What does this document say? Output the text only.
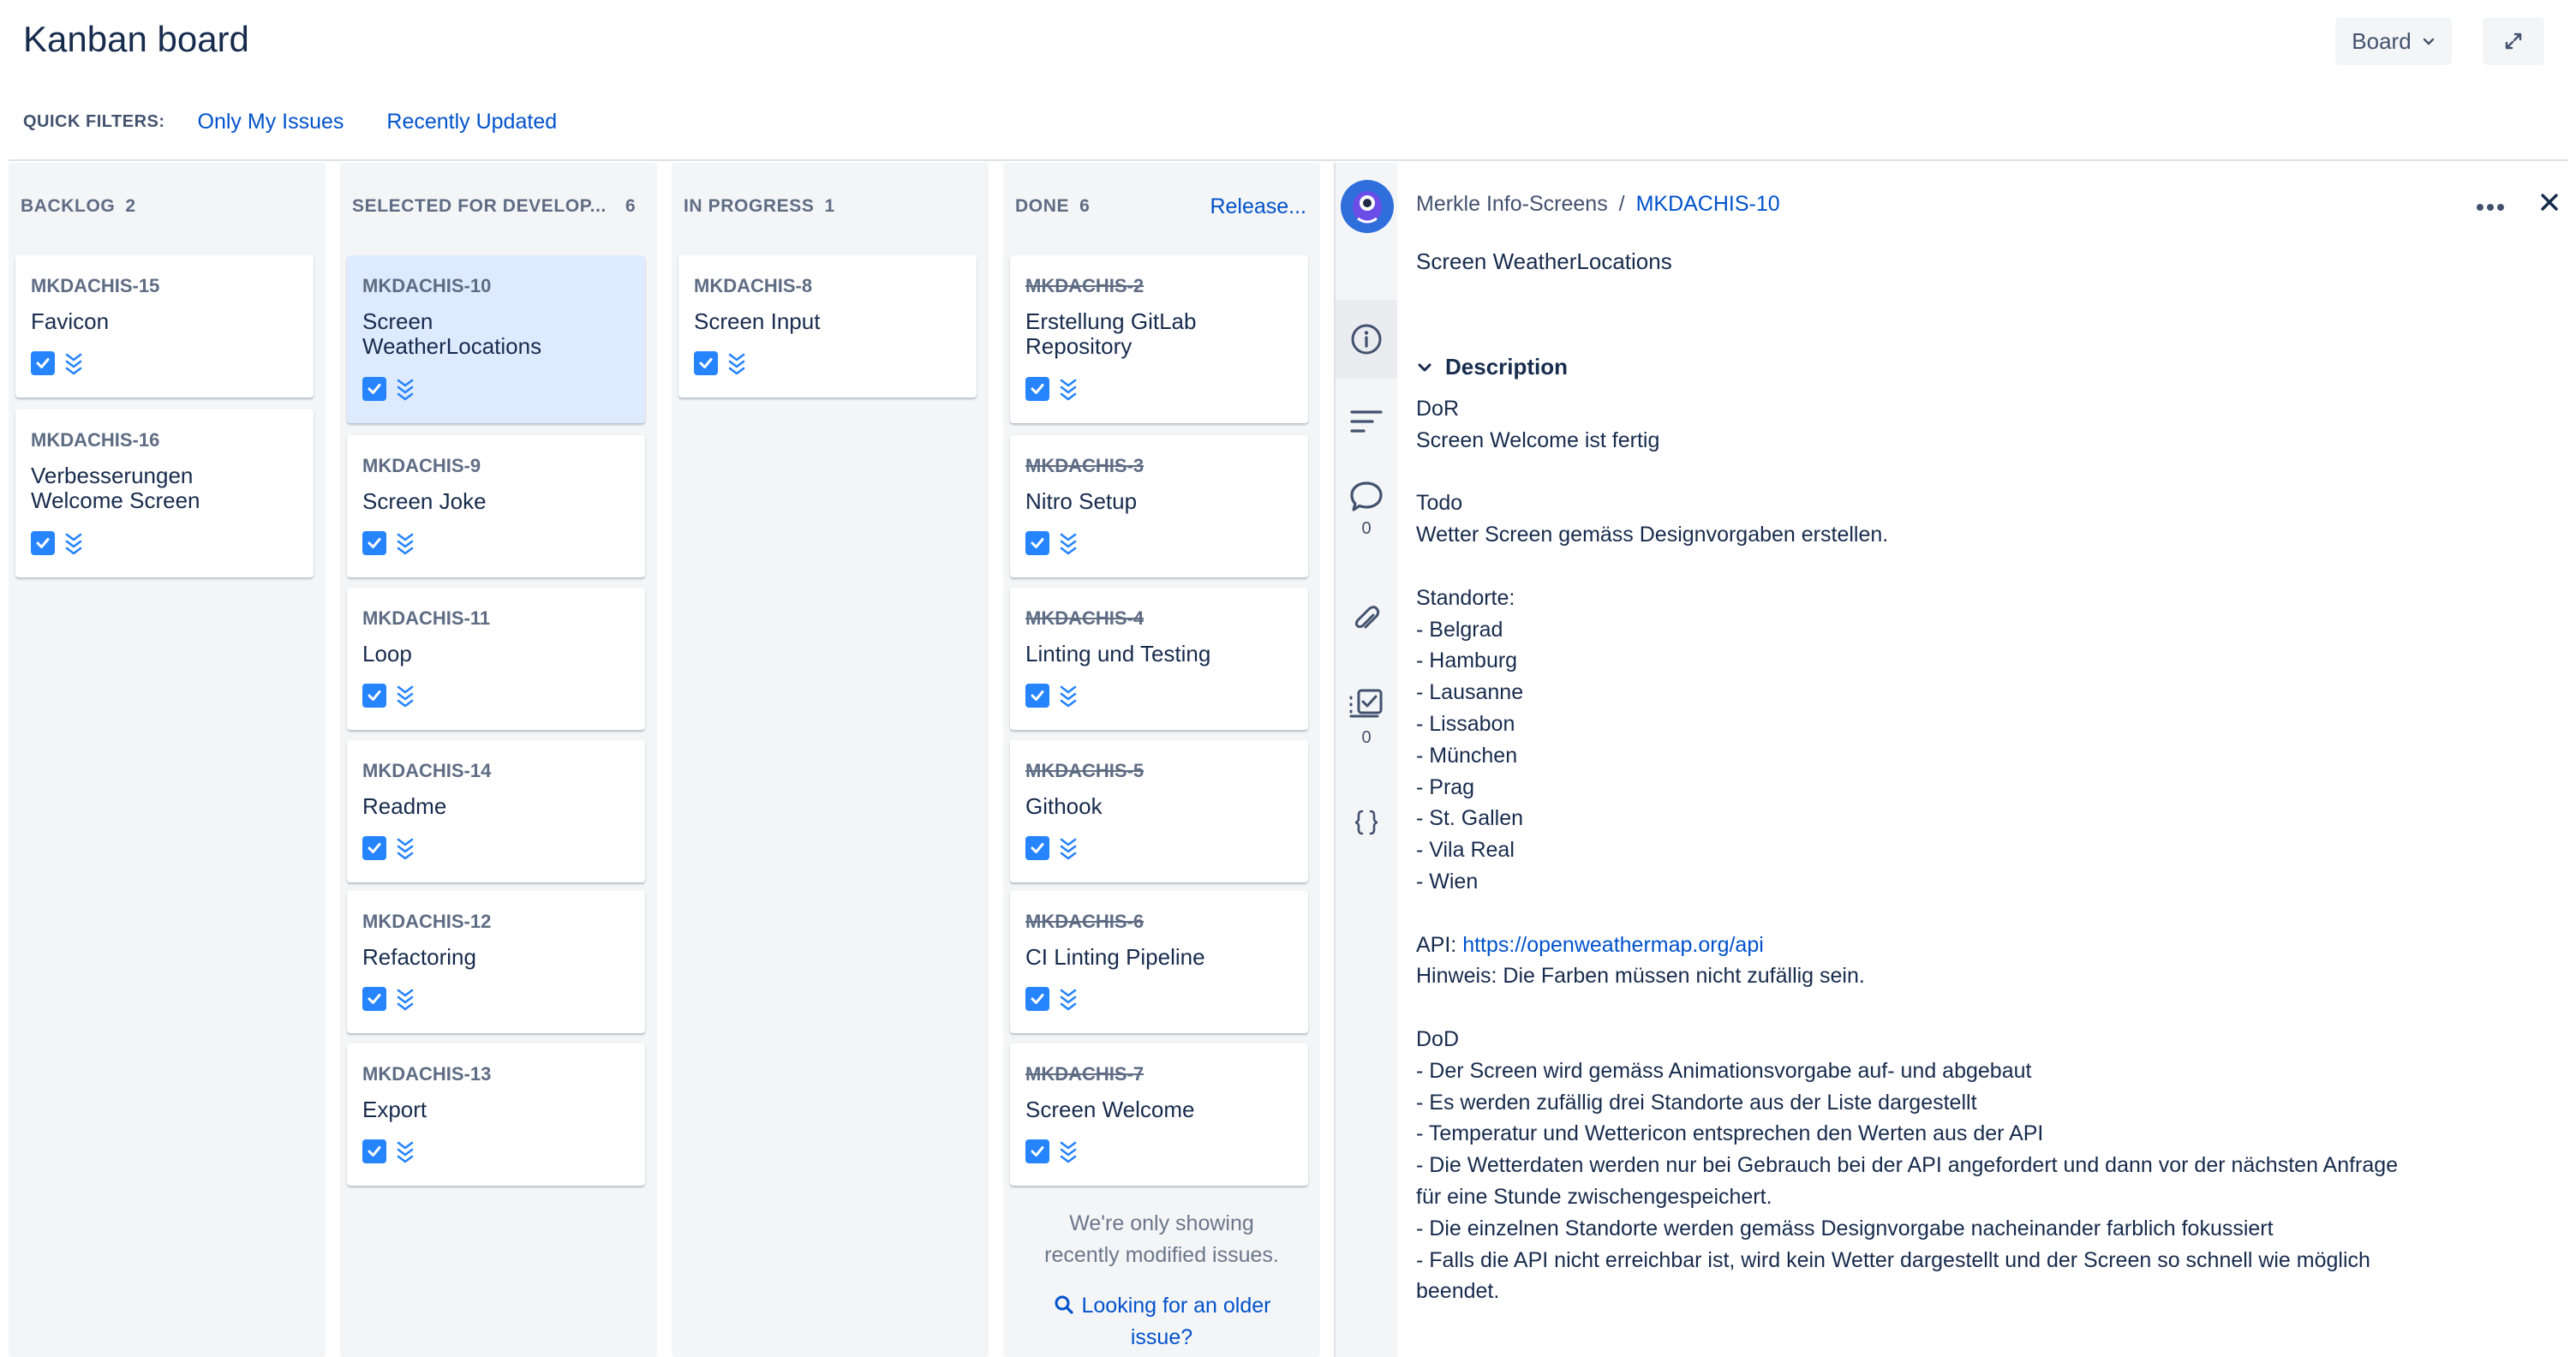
Kanban board	Board
QUICK FILTERS: Only My Issues Recently Updated
BACKLOG 2
MKDACHIS-15
Favicon
MKDACHIS-16
Verbesserungen Welcome Screen
SELECTED FOR DEVELOP... 6
MKDACHIS-10
Screen WeatherLocations
MKDACHIS-9
Screen Joke
MKDACHIS-11
Loop
MKDACHIS-14
Readme
MKDACHIS-12
Refactoring
MKDACHIS-13
Export
IN PROGRESS 1
MKDACHIS-8
Screen Input
DONE 6	Release...
MKDACHIS-2
Erstellung GitLab Repository
MKDACHIS-3
Nitro Setup
MKDACHIS-4
Linting und Testing
MKDACHIS-5
Githook
MKDACHIS-6
CI Linting Pipeline
MKDACHIS-7
Screen Welcome
We're only showing
recently modified issues.
Looking for an older
issue?
0
0
Merkle Info-Screens / MKDACHIS-10
Screen WeatherLocations
Description
DoR
Screen Welcome ist fertig
Todo
Wetter Screen gemäss Designvorgaben erstellen.
Standorte:
- Belgrad
- Hamburg
- Lausanne
- Lissabon
- München
- Prag
- St. Gallen
- Vila Real
- Wien
API: https://openweathermap.org/api
Hinweis: Die Farben müssen nicht zufällig sein.
DoD
- Der Screen wird gemäss Animationsvorgabe auf- und abgebaut
- Es werden zufällig drei Standorte aus der Liste dargestellt
- Temperatur und Wettericon entsprechen den Werten aus der API
- Die Wetterdaten werden nur bei Gebrauch bei der API angefordert und dann vor der nächsten Anfrage
für eine Stunde zwischengespeichert.
- Die einzelnen Standorte werden gemäss Designvorgabe nacheinander farblich fokussiert
- Falls die API nicht erreichbar ist, wird kein Wetter dargestellt und der Screen so schnell wie möglich
beendet.
